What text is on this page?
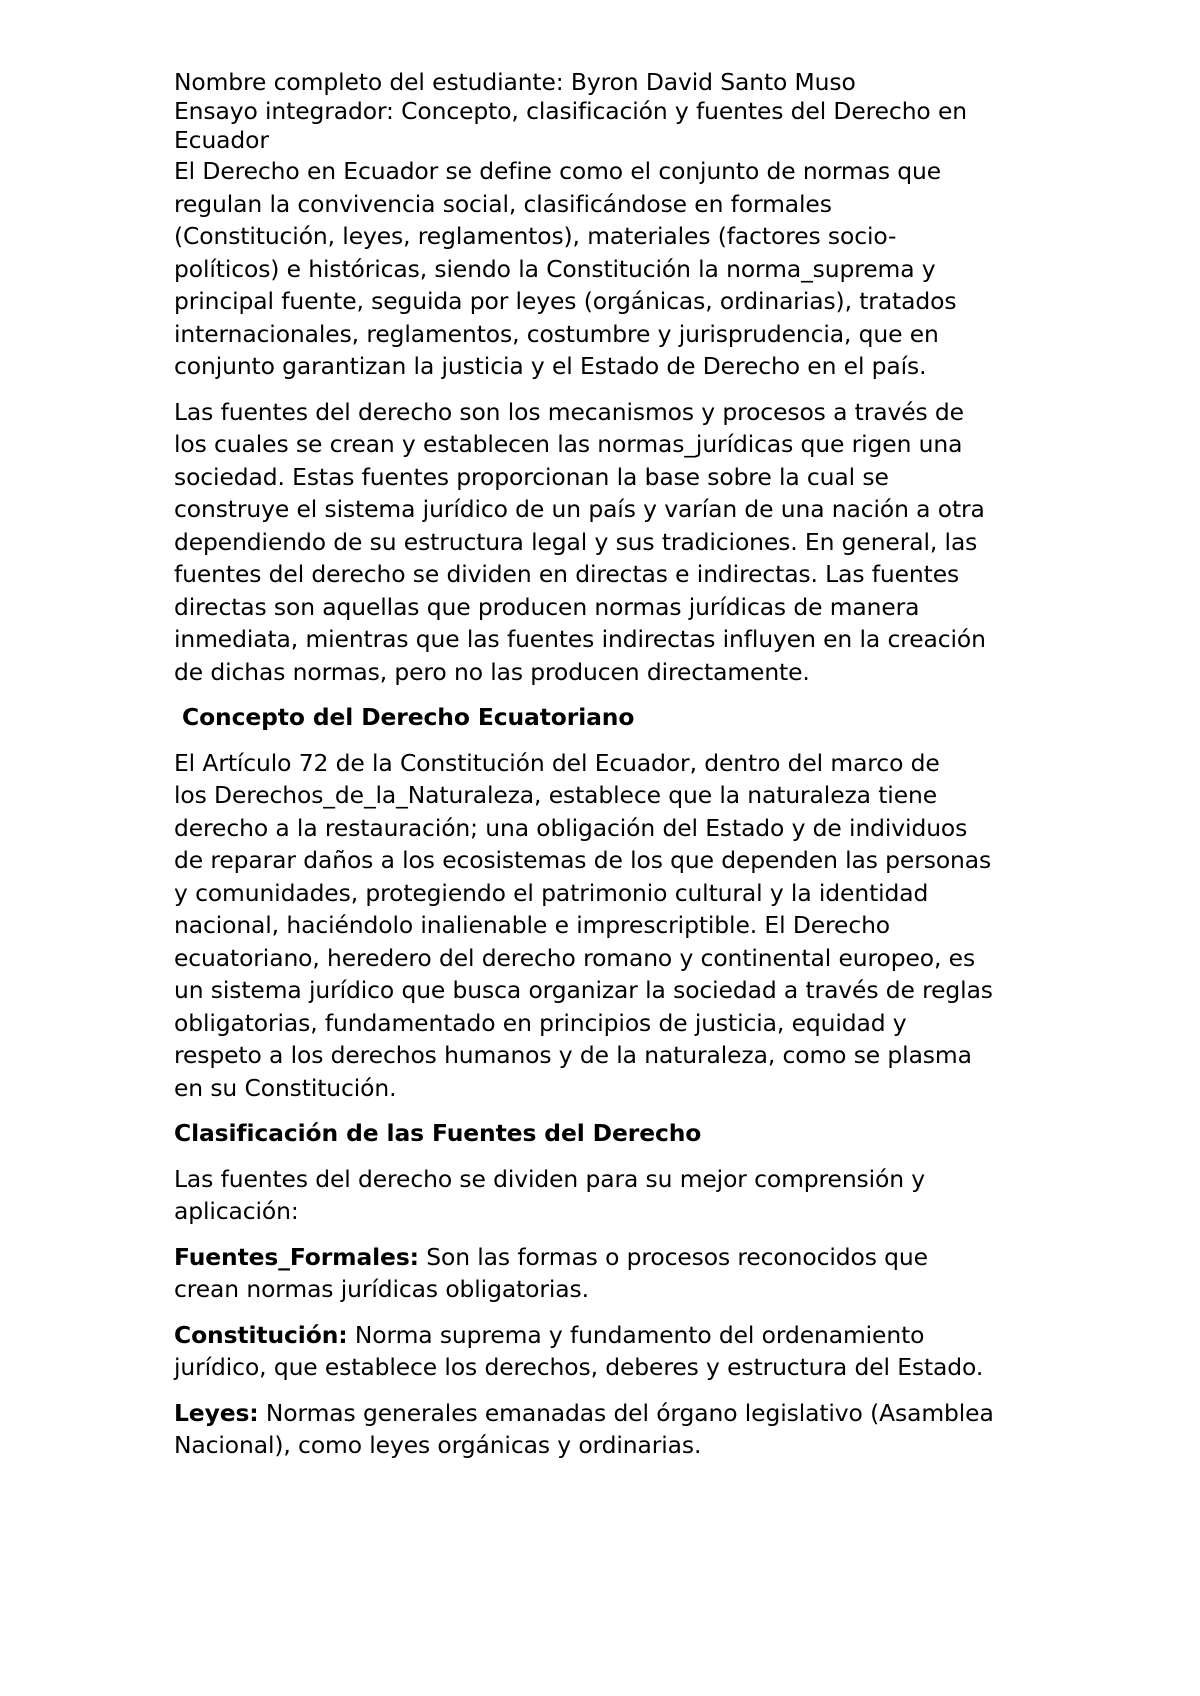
Nombre completo del estudiante: Byron David Santo Muso
Ensayo integrador: Concepto, clasificación y fuentes del Derecho en
Ecuador
El Derecho en Ecuador se define como el conjunto de normas que
regulan la convivencia social, clasificándose en formales
(Constitución, leyes, reglamentos), materiales (factores socio-
políticos) e históricas, siendo la Constitución la norma_suprema y
principal fuente, seguida por leyes (orgánicas, ordinarias), tratados
internacionales, reglamentos, costumbre y jurisprudencia, que en
conjunto garantizan la justicia y el Estado de Derecho en el país.
Las fuentes del derecho son los mecanismos y procesos a través de
los cuales se crean y establecen las normas_jurídicas que rigen una
sociedad. Estas fuentes proporcionan la base sobre la cual se
construye el sistema jurídico de un país y varían de una nación a otra
dependiendo de su estructura legal y sus tradiciones. En general, las
fuentes del derecho se dividen en directas e indirectas. Las fuentes
directas son aquellas que producen normas jurídicas de manera
inmediata, mientras que las fuentes indirectas influyen en la creación
de dichas normas, pero no las producen directamente.
Concepto del Derecho Ecuatoriano
El Artículo 72 de la Constitución del Ecuador, dentro del marco de
los Derechos_de_la_Naturaleza, establece que la naturaleza tiene
derecho a la restauración; una obligación del Estado y de individuos
de reparar daños a los ecosistemas de los que dependen las personas
y comunidades, protegiendo el patrimonio cultural y la identidad
nacional, haciéndolo inalienable e imprescriptible. El Derecho
ecuatoriano, heredero del derecho romano y continental europeo, es
un sistema jurídico que busca organizar la sociedad a través de reglas
obligatorias, fundamentado en principios de justicia, equidad y
respeto a los derechos humanos y de la naturaleza, como se plasma
en su Constitución.
Clasificación de las Fuentes del Derecho
Las fuentes del derecho se dividen para su mejor comprensión y
aplicación:
Fuentes_Formales: Son las formas o procesos reconocidos que
crean normas jurídicas obligatorias.
Constitución: Norma suprema y fundamento del ordenamiento
jurídico, que establece los derechos, deberes y estructura del Estado.
Leyes: Normas generales emanadas del órgano legislativo (Asamblea
Nacional), como leyes orgánicas y ordinarias.
